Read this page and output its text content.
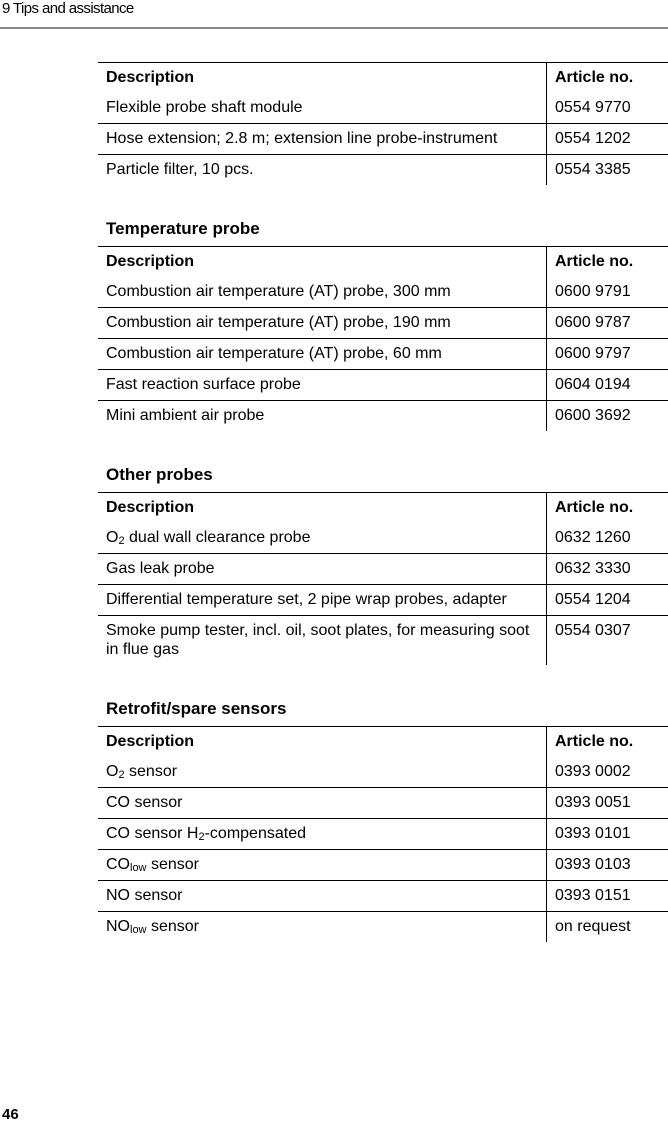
9 Tips and assistance
Description	Article no.
Flexible probe shaft module	0554 9770
Hose extension; 2.8 m; extension line probe-instrument	0554 1202
Particle filter, 10 pcs.	0554 3385
Temperature probe
Description	Article no.
Combustion air temperature (AT) probe, 300 mm	0600 9791
Combustion air temperature (AT) probe, 190 mm	0600 9787
Combustion air temperature (AT) probe, 60 mm	0600 9797
Fast reaction surface probe	0604 0194
Mini ambient air probe	0600 3692
Other probes
Description	Article no.
$O_2$ dual wall clearance probe	0632 1260
Gas leak probe	0632 3330
Differential temperature set, 2 pipe wrap probes, adapter	0554 1204
Smoke pump tester, incl. oil, soot plates, for measuring soot in flue gas	0554 0307
Retrofit/spare sensors
Description	Article no.
$O_2$ sensor	0393 0002
CO sensor	0393 0051
CO sensor $H_2$-compensated	0393 0101
$CO_{low}$ sensor	0393 0103
NO sensor	0393 0151
$NO_{low}$ sensor	on request
46
